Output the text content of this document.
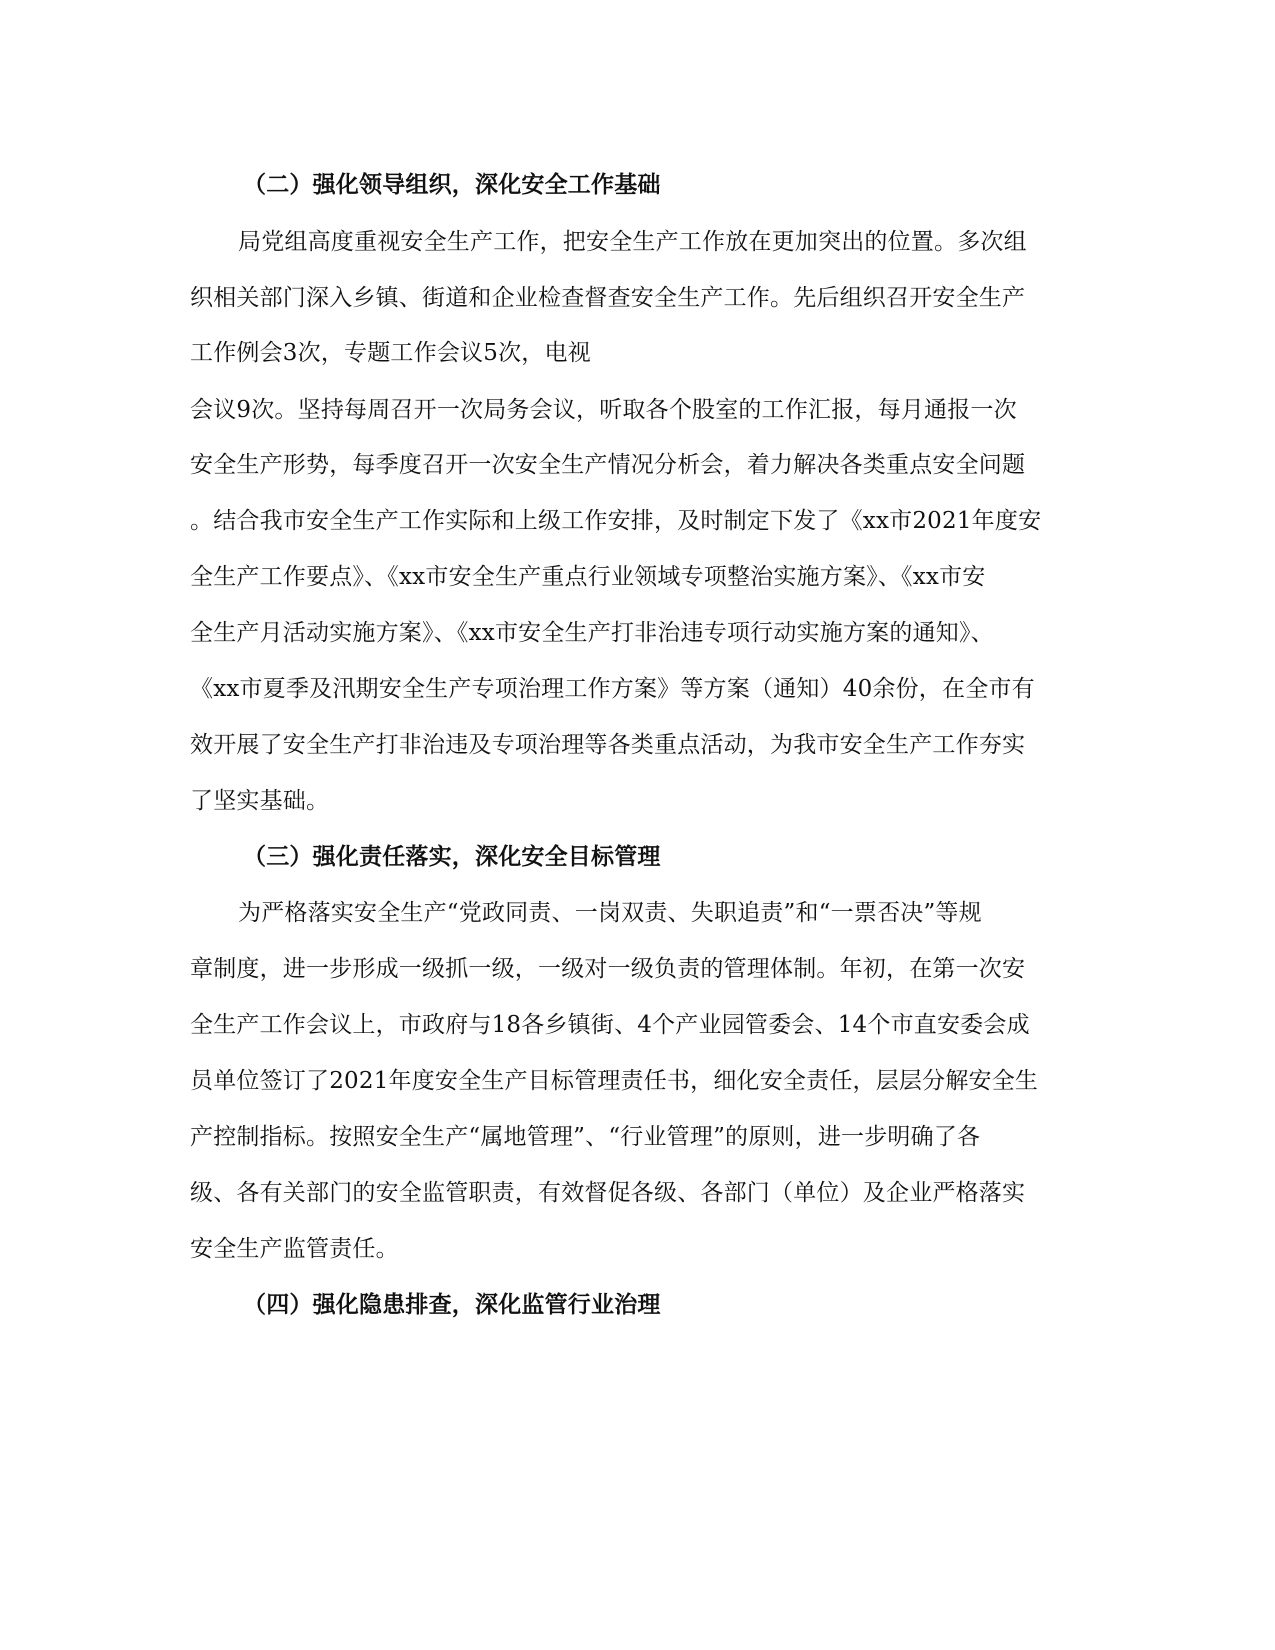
（二）强化领导组织，深化安全工作基础
局党组高度重视安全生产工作，把安全生产工作放在更加突出的位置。多次组
织相关部门深入乡镇、街道和企业检查督查安全生产工作。先后组织召开安全生产
工作例会3次，专题工作会议5次，电视
会议9次。坚持每周召开一次局务会议，听取各个股室的工作汇报，每月通报一次
安全生产形势，每季度召开一次安全生产情况分析会，着力解决各类重点安全问题
。结合我市安全生产工作实际和上级工作安排，及时制定下发了《xx市2021年度安
全生产工作要点》、《xx市安全生产重点行业领域专项整治实施方案》、《xx市安
全生产月活动实施方案》、《xx市安全生产打非治违专项行动实施方案的通知》、
《xx市夏季及汛期安全生产专项治理工作方案》等方案（通知）40余份，在全市有
效开展了安全生产打非治违及专项治理等各类重点活动，为我市安全生产工作夯实
了坚实基础。
（三）强化责任落实，深化安全目标管理
为严格落实安全生产“党政同责、一岗双责、失职追责”和“一票否决”等规
章制度，进一步形成一级抓一级，一级对一级负责的管理体制。年初，在第一次安
全生产工作会议上，市政府与18各乡镇街、4个产业园管委会、14个市直安委会成
员单位签订了2021年度安全生产目标管理责任书，细化安全责任，层层分解安全生
产控制指标。按照安全生产“属地管理”、“行业管理”的原则，进一步明确了各
级、各有关部门的安全监管职责，有效督促各级、各部门（单位）及企业严格落实
安全生产监管责任。
（四）强化隐患排查，深化监管行业治理
